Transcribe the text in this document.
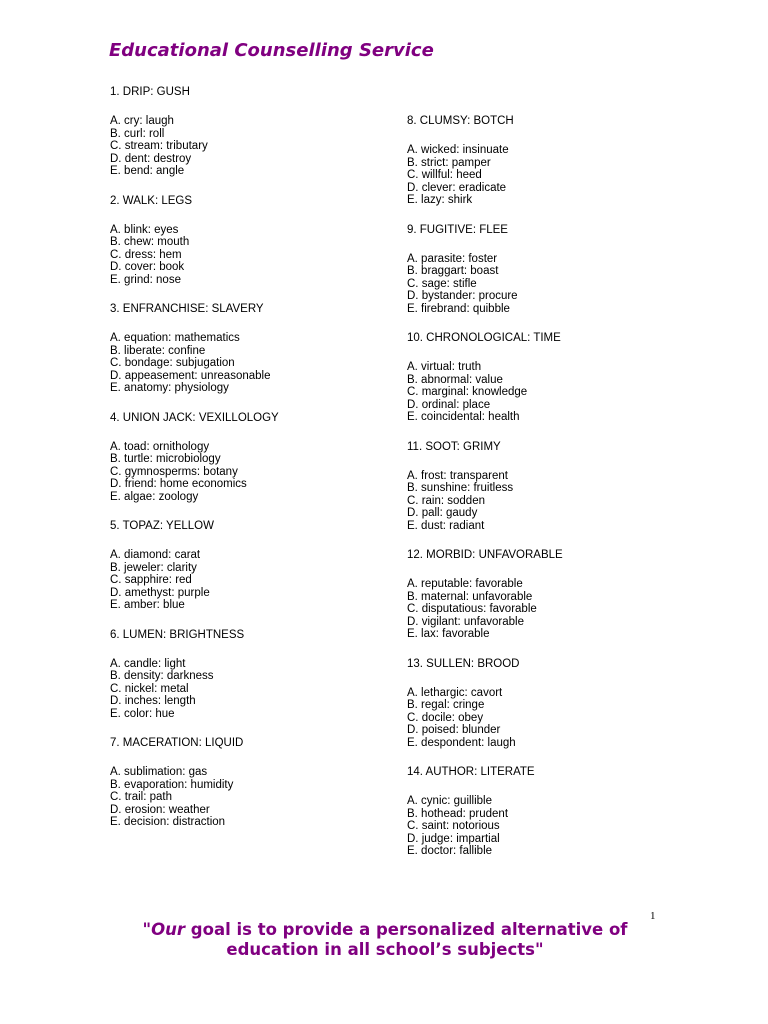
Educational Counselling Service
1. DRIP: GUSH
A. cry: laugh
B. curl: roll
C. stream: tributary
D. dent: destroy
E. bend: angle
2. WALK: LEGS
A. blink: eyes
B. chew: mouth
C. dress: hem
D. cover: book
E. grind: nose
3. ENFRANCHISE: SLAVERY
A. equation: mathematics
B. liberate: confine
C. bondage: subjugation
D. appeasement: unreasonable
E. anatomy: physiology
4. UNION JACK: VEXILLOLOGY
A. toad: ornithology
B. turtle: microbiology
C. gymnosperms: botany
D. friend: home economics
E. algae: zoology
5. TOPAZ: YELLOW
A. diamond: carat
B. jeweler: clarity
C. sapphire: red
D. amethyst: purple
E. amber: blue
6. LUMEN: BRIGHTNESS
A. candle: light
B. density: darkness
C. nickel: metal
D. inches: length
E. color: hue
7. MACERATION: LIQUID
A. sublimation: gas
B. evaporation: humidity
C. trail: path
D. erosion: weather
E. decision: distraction
8. CLUMSY: BOTCH
A. wicked: insinuate
B. strict: pamper
C. willful: heed
D. clever: eradicate
E. lazy: shirk
9. FUGITIVE: FLEE
A. parasite: foster
B. braggart: boast
C. sage: stifle
D. bystander: procure
E. firebrand: quibble
10. CHRONOLOGICAL: TIME
A. virtual: truth
B. abnormal: value
C. marginal: knowledge
D. ordinal: place
E. coincidental: health
11. SOOT: GRIMY
A. frost: transparent
B. sunshine: fruitless
C. rain: sodden
D. pall: gaudy
E. dust: radiant
12. MORBID: UNFAVORABLE
A. reputable: favorable
B. maternal: unfavorable
C. disputatious: favorable
D. vigilant: unfavorable
E. lax: favorable
13. SULLEN: BROOD
A. lethargic: cavort
B. regal: cringe
C. docile: obey
D. poised: blunder
E. despondent: laugh
14. AUTHOR: LITERATE
A. cynic: guillible
B. hothead: prudent
C. saint: notorious
D. judge: impartial
E. doctor: fallible
1
"Our goal is to provide a personalized alternative of
education in all school’s subjects"
